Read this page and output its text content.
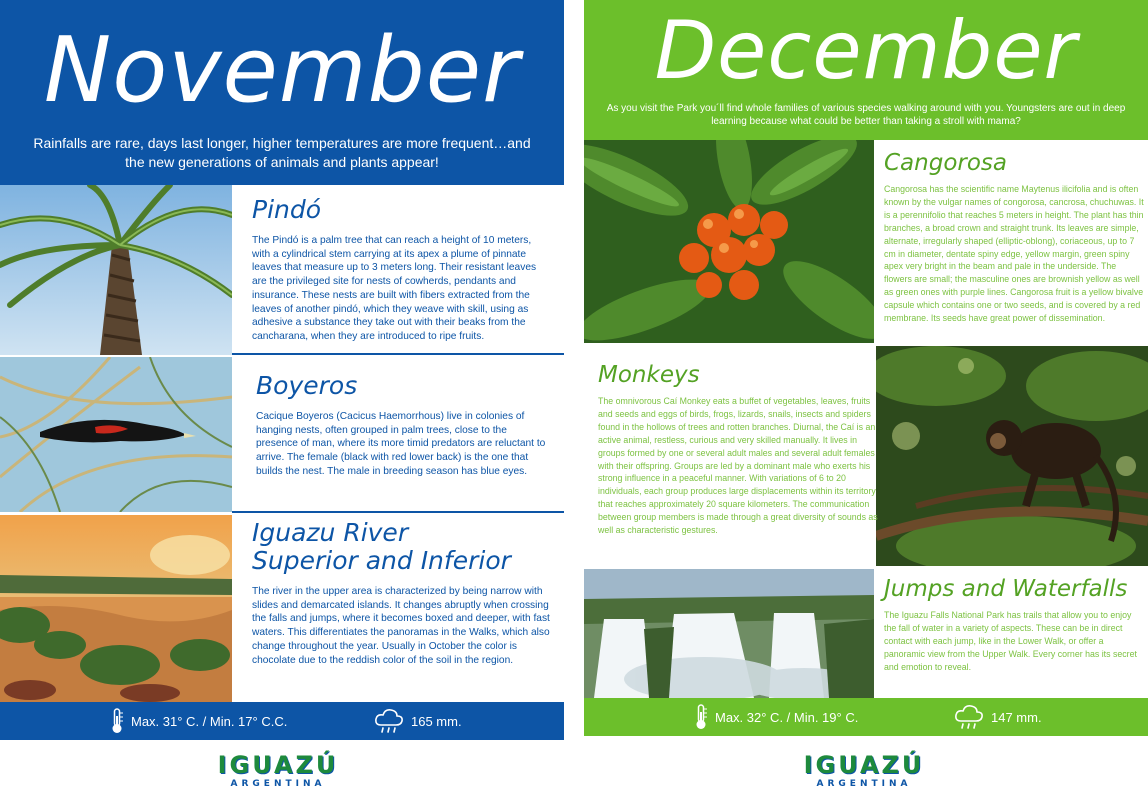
November

Rainfalls are rare, days last longer, higher temperatures are more frequent…and the new generations of animals and plants appear!

Pindó

The Pindó is a palm tree that can reach a height of 10 meters, with a cylindrical stem carrying at its apex a plume of pinnate leaves that measure up to 3 meters long. Their resistant leaves are the privileged site for nests of cowherds, pendants and insurance. These nests are built with fibers extracted from the leaves of another pindó, which they weave with skill, using as adhesive a substance they take out with their beaks from the cancharana, when they are introduced to ripe fruits.

Boyeros

Cacique Boyeros (Cacicus Haemorrhous) live in colonies of hanging nests, often grouped in palm trees, close to the presence of man, where its more timid predators are reluctant to arrive. The female (black with red lower back) is the one that builds the nest. The male in breeding season has blue eyes.

Iguazu River
Superior and Inferior

The river in the upper area is characterized by being narrow with slides and demarcated islands. It changes abruptly when crossing the falls and jumps, where it becomes boxed and deeper, with fast waters. This differentiates the panoramas in the Walks, which also change throughout the year. Usually in October the color is chocolate due to the reddish color of the soil in the region.

Max. 31° C. / Min. 17° C.C.	165 mm.
IGUAZÚ
ARGENTINA
December

As you visit the Park you´ll find whole families of various species walking around with you. Youngsters are out in deep learning because what could be better than taking a stroll with mama?

Cangorosa

Cangorosa has the scientific name Maytenus ilicifolia and is often known by the vulgar names of congorosa, cancrosa, chuchuwas. It is a perennifolio that reaches 5 meters in height. The plant has thin branches, a broad crown and straight trunk. Its leaves are simple, alternate, irregularly shaped (elliptic-oblong), coriaceous, up to 7 cm in diameter, dentate spiny edge, yellow margin, green spiny apex very bright in the beam and pale in the underside. The flowers are small; the masculine ones are brownish yellow as well as green ones with purple lines. Cangorosa fruit is a yellow bivalve capsule which contains one or two seeds, and is covered by a red membrane. Its seeds have great power of dissemination.

Monkeys

The omnivorous Caí Monkey eats a buffet of vegetables, leaves, fruits and seeds and eggs of birds, frogs, lizards, snails, insects and spiders found in the hollows of trees and rotten branches. Diurnal, the Caí is an active animal, restless, curious and very skilled manually. It lives in groups formed by one or several adult males and several adult females with their offspring. Groups are led by a dominant male who exerts his strong influence in a peaceful manner. With variations of 6 to 20 individuals, each group produces large displacements within its territory that reaches approximately 20 square kilometers. The communication between group members is made through a great diversity of sounds as well as characteristic gestures.

Jumps and Waterfalls

The Iguazu Falls National Park has trails that allow you to enjoy the fall of water in a variety of aspects. These can be in direct contact with each jump, like in the Lower Walk, or offer a panoramic view from the Upper Walk. Every corner has its secret and emotion to reveal.

Max. 32° C. / Min. 19° C.	147 mm.
IGUAZÚ
ARGENTINA
